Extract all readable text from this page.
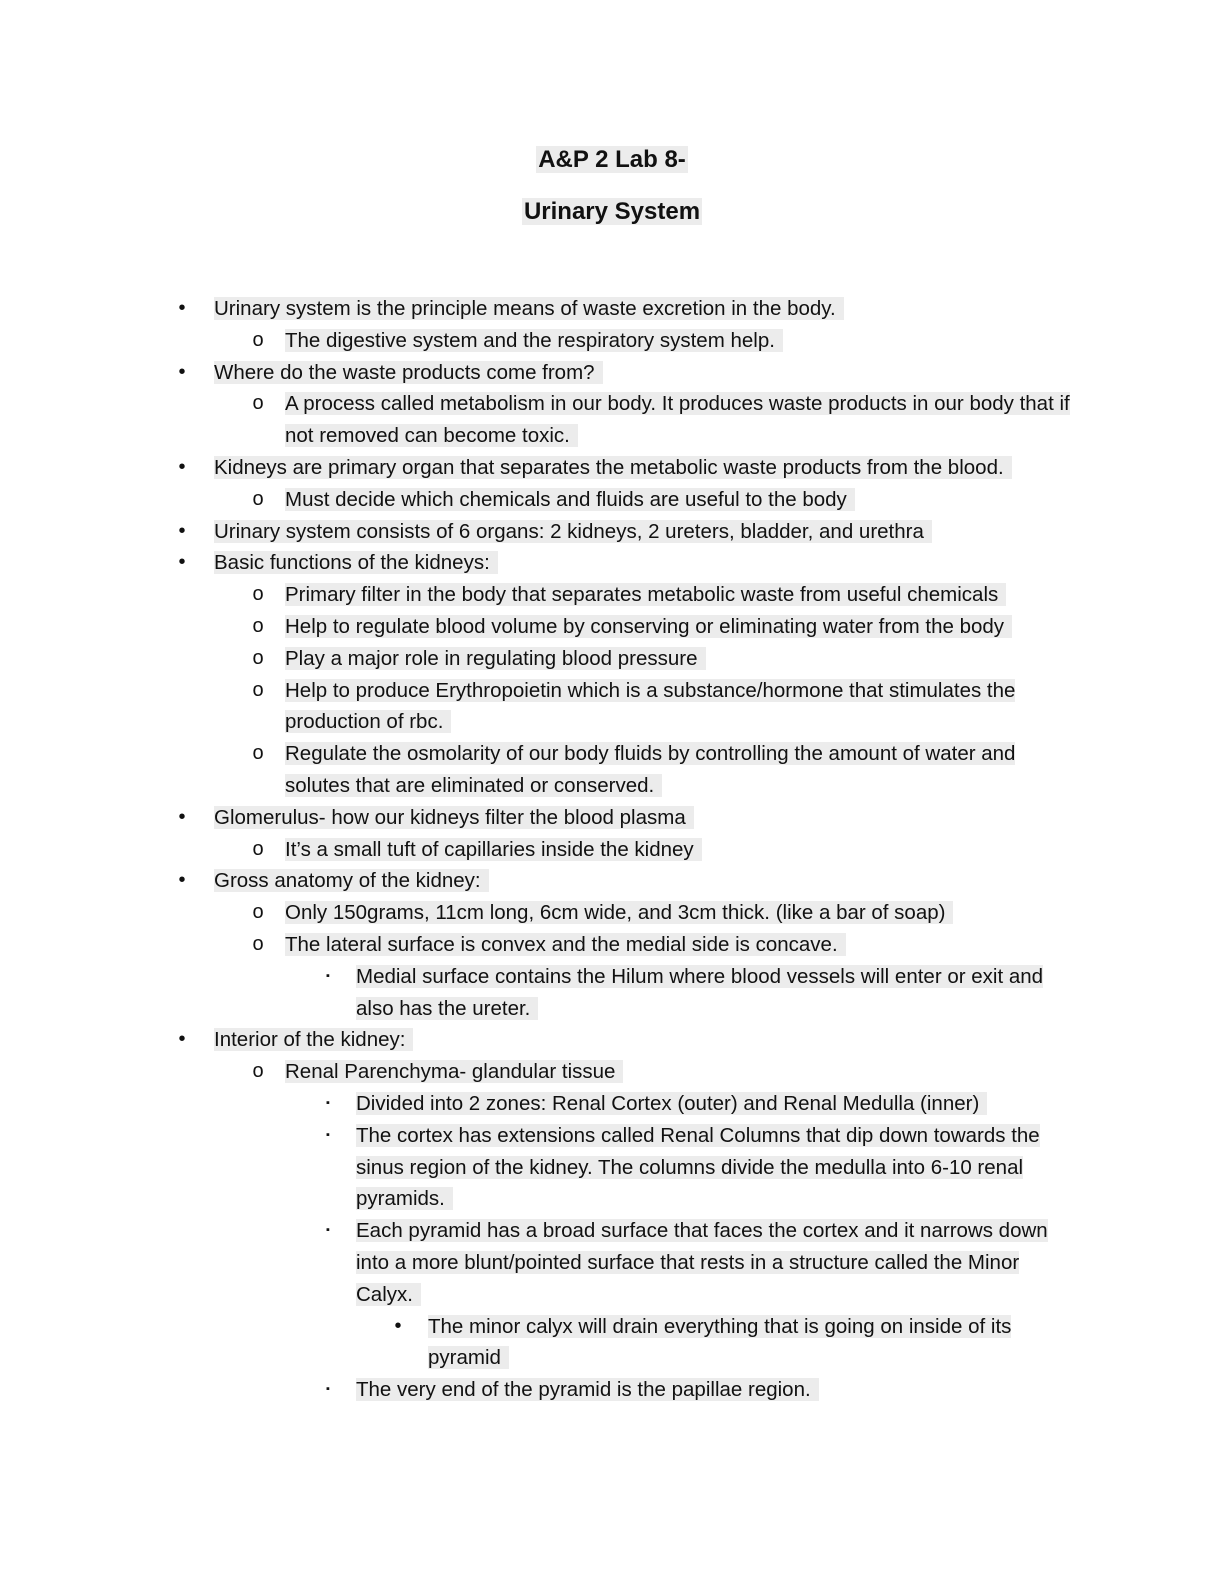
A&P 2 Lab 8-
Urinary System
•	Urinary system is the principle means of waste excretion in the body.
o The digestive system and the respiratory system help.
•	Where do the waste products come from?
o A process called metabolism in our body. It produces waste products in our body that if not removed can become toxic.
•	Kidneys are primary organ that separates the metabolic waste products from the blood.
o Must decide which chemicals and fluids are useful to the body
•	Urinary system consists of 6 organs: 2 kidneys, 2 ureters, bladder, and urethra
•	Basic functions of the kidneys:
o Primary filter in the body that separates metabolic waste from useful chemicals
o Help to regulate blood volume by conserving or eliminating water from the body
o Play a major role in regulating blood pressure
o Help to produce Erythropoietin which is a substance/hormone that stimulates the production of rbc.
o Regulate the osmolarity of our body fluids by controlling the amount of water and solutes that are eliminated or conserved.
•	Glomerulus- how our kidneys filter the blood plasma
o It’s a small tuft of capillaries inside the kidney
•	Gross anatomy of the kidney:
o Only 150grams, 11cm long, 6cm wide, and 3cm thick. (like a bar of soap)
o The lateral surface is convex and the medial side is concave.
▪	Medial surface contains the Hilum where blood vessels will enter or exit and also has the ureter.
•	Interior of the kidney:
o Renal Parenchyma- glandular tissue
▪	Divided into 2 zones: Renal Cortex (outer) and Renal Medulla (inner)
▪	The cortex has extensions called Renal Columns that dip down towards the sinus region of the kidney. The columns divide the medulla into 6-10 renal pyramids.
▪	Each pyramid has a broad surface that faces the cortex and it narrows down into a more blunt/pointed surface that rests in a structure called the Minor Calyx.
•	The minor calyx will drain everything that is going on inside of its pyramid
▪	The very end of the pyramid is the papillae region.
